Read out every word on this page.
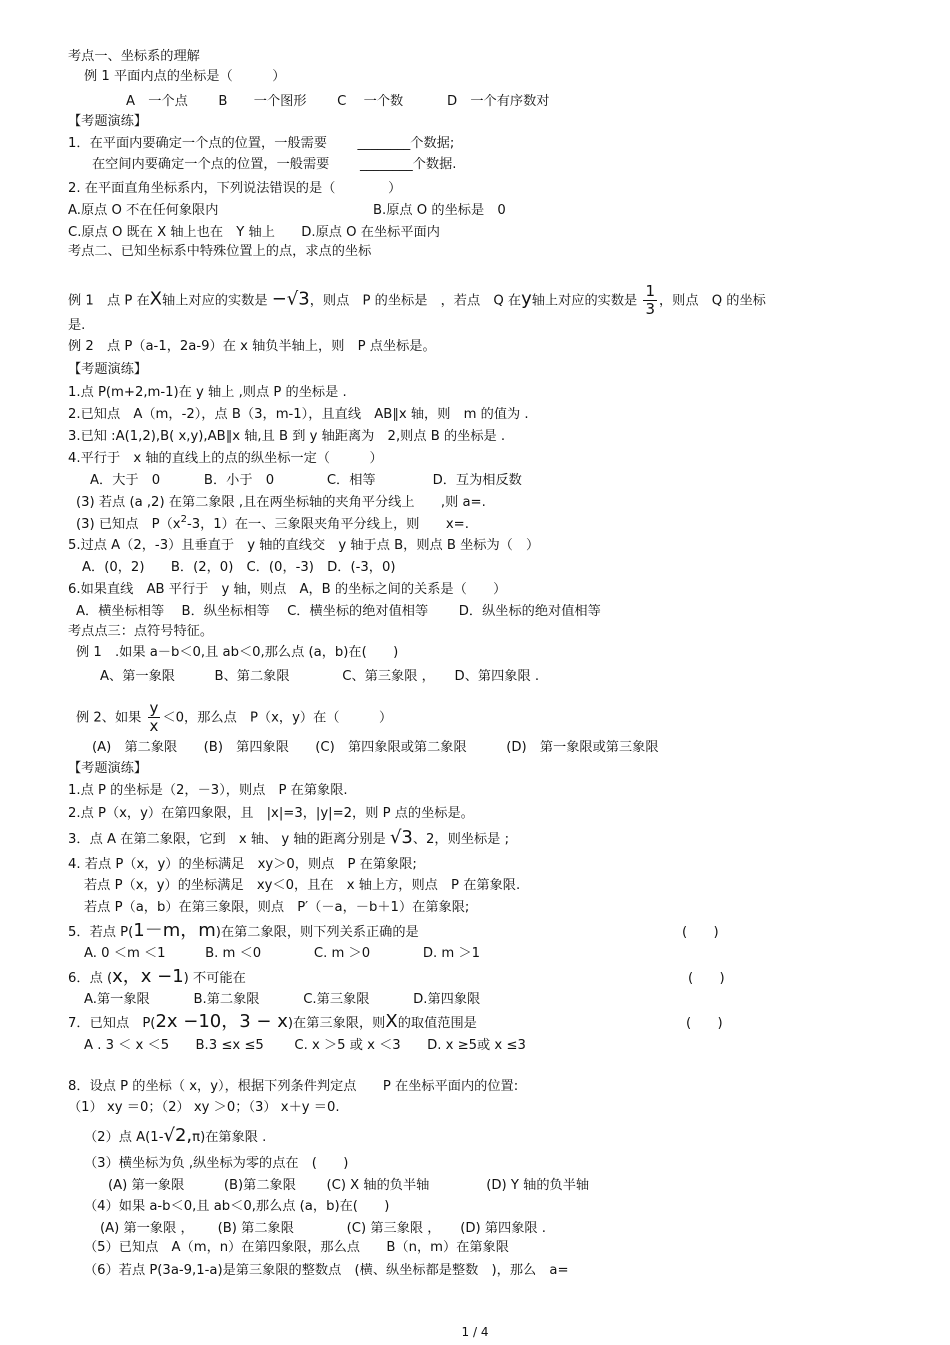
考点一、坐标系的理解
例 1 平面内点的坐标是（　　　）
A　一个点　　 B　　一个图形　　 C　 一个数　　　 D　一个有序数对
【考题演练】
1．在平面内要确定一个点的位置，一般需要　　 ________个数据;
在空间内要确定一个点的位置，一般需要　　 ________个数据.
2. 在平面直角坐标系内，下列说法错误的是（　　　　）
A.原点 O 不在任何象限内	B.原点 O 的坐标是　0
C.原点 O 既在 X 轴上也在　Y 轴上　　D.原点 O 在坐标平面内
考点二、已知坐标系中特殊位置上的点，求点的坐标
例 1　点 P 在X轴上对应的实数是 −√3，则点　P 的坐标是　，若点　Q 在y轴上对应的实数是 $\frac{1}{3}$ ，则点　Q 的坐标
是.
例 2　点 P（a-1，2a-9）在 x 轴负半轴上，则　P 点坐标是。
【考题演练】
1.点 P(m+2,m-1)在 y 轴上 ,则点 P 的坐标是 .
2.已知点　A（m，-2），点 B（3，m-1），且直线　AB∥x 轴，则　m 的值为 .
3.已知 :A(1,2),B( x,y),AB∥x 轴,且 B 到 y 轴距离为　2,则点 B 的坐标是 .
4.平行于　x 轴的直线上的点的纵坐标一定（　　　）
A．大于　0　　　 B．小于　0　　　　C．相等　　　　 D．互为相反数
(3) 若点 (a ,2) 在第二象限 ,且在两坐标轴的夹角平分线上　　,则 a=.
(3) 已知点　$P(x^2-3$，1）在一、三象限夹角平分线上，则　　x=.
5.过点 A（2，-3）且垂直于　y 轴的直线交　y 轴于点 B，则点 B 坐标为（　）
A．(0，2)　　B．(2，0)　C．(0，-3)　D．(-3，0)
6.如果直线　AB 平行于　y 轴，则点　A，B 的坐标之间的关系是（　　）
A．横坐标相等　 B．纵坐标相等　 C．横坐标的绝对值相等　　 D．纵坐标的绝对值相等
考点点三：点符号特征。
例 1　.如果 a－b＜0,且 ab＜0,那么点 (a，b)在(　　)
A、第一象限　　　B、第二象限　　　　C、第三象限 ，　　D、第四象限 .
例 2、如果 $\frac{y}{x} <0$，那么点　P（x，y）在（　　　）
(A)　第二象限　　(B)　第四象限　　(C)　第四象限或第二象限　　　(D)　第一象限或第三象限
【考题演练】
1.点 P 的坐标是（2，－3），则点　P 在第象限.
2.点 P（x，y）在第四象限，且　|x|=3，|y|=2，则 P 点的坐标是。
3．点 A 在第二象限，它到　x 轴、 y 轴的距离分别是 √3、2，则坐标是 ;
4. 若点 P（x，y）的坐标满足　xy＞0，则点　P 在第象限;
若点 P（x，y）的坐标满足　xy＜0，且在　x 轴上方，则点　P 在第象限.
若点 P（a，b）在第三象限，则点　P′（－a，－b＋1）在第象限;
5．若点 P(1－m，m)在第二象限，则下列关系正确的是	(　　)
A. 0 ＜m ＜1　　　B. m ＜0　　　　C. m ＞0　　　　D. m ＞1
6．点 (x，x −1) 不可能在	(　　)
A.第一象限　　　 B.第二象限　　　 C.第三象限　　　 D.第四象限
7．已知点　P(2x −10，3 − x)在第三象限，则X的取值范围是	(　　)
A . 3 ＜ x ＜5　　B.3 ≤x ≤5　　 C. x ＞5 或 x ＜3　　D. x ≥5或 x ≤3
8．设点 P 的坐标（ x，y），根据下列条件判定点　　P 在坐标平面内的位置:
（1） xy ＝0；（2） xy ＞0；（3） x＋y ＝0.
（2）点 A(1-√2,π)在第象限 .
（3）横坐标为负 ,纵坐标为零的点在　(　　)
(A) 第一象限　　　(B)第二象限　　 (C) X 轴的负半轴　　　　 (D) Y 轴的负半轴
（4）如果 a-b＜0,且 ab＜0,那么点 (a，b)在(　　)
(A) 第一象限 ，　　 (B) 第二象限　　　　(C) 第三象限 ，　　(D) 第四象限 .
（5）已知点　A（m，n）在第四象限，那么点　　B（n，m）在第象限
（6）若点 P(3a-9,1-a)是第三象限的整数点　(横、纵坐标都是整数　)，那么　a=
1 / 4
